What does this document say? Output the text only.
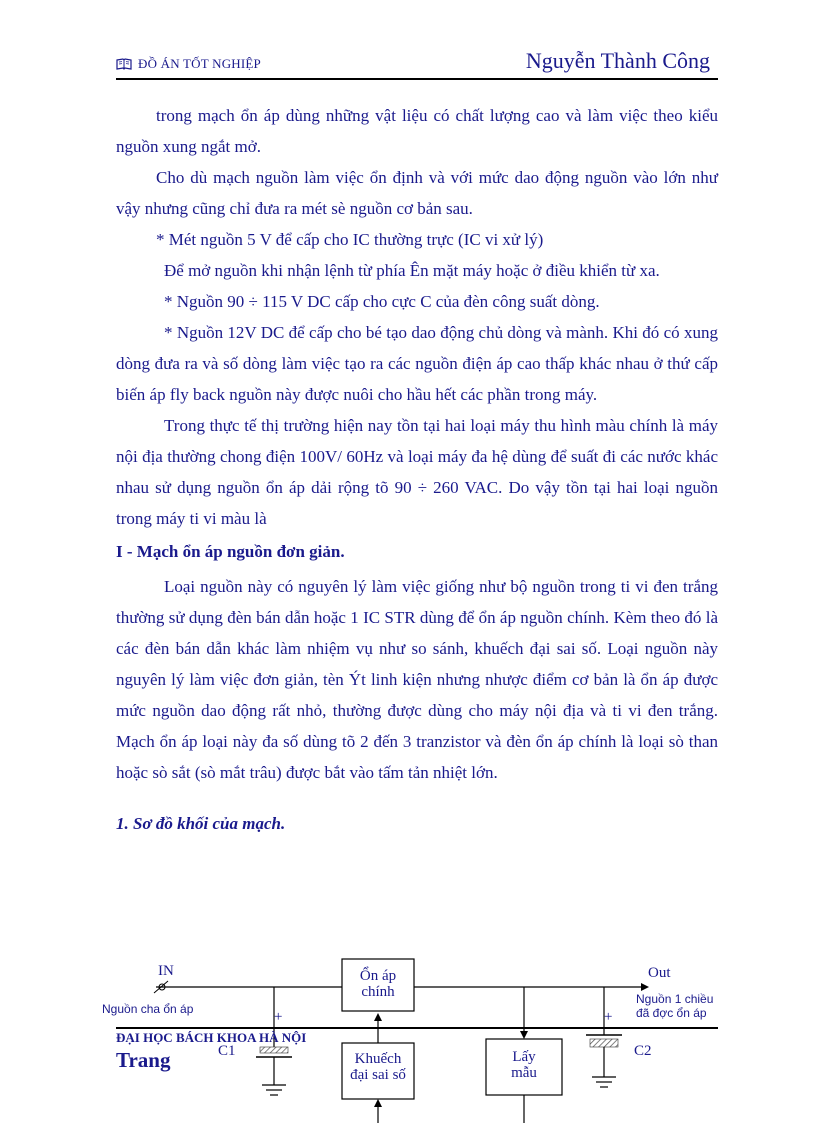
ĐỒ ÁN TỐT NGHIỆP	Nguyễn Thành Công

trong mạch ổn áp dùng những vật liệu có chất lượng cao và làm việc theo kiểu nguồn xung ngắt mở.

Cho dù mạch nguồn làm việc ổn định và với mức dao động nguồn vào lớn như vậy nhưng cũng chỉ đưa ra mét sè nguồn cơ bản sau.

* Mét nguồn 5 V để cấp cho IC thường trực (IC vi xử lý)

Để mở nguồn khi nhận lệnh từ phía Ên mặt máy hoặc ở điều khiển từ xa.

* Nguồn 90 ÷ 115 V DC cấp cho cực C của đèn công suất dòng.

* Nguồn 12V DC để cấp cho bé tạo dao động chủ dòng và mành. Khi đó có xung dòng đưa ra và số dòng làm việc tạo ra các nguồn điện áp cao thấp khác nhau ở thứ cấp biến áp fly back nguồn này được nuôi cho hầu hết các phần trong máy.

Trong thực tế thị trường hiện nay tồn tại hai loại máy thu hình màu chính là máy nội địa thường chong điện 100V/ 60Hz và loại máy đa hệ dùng để suất đi các nước khác nhau sử dụng nguồn ổn áp dải rộng tõ 90 ÷ 260 VAC. Do vậy tồn tại hai loại nguồn trong máy ti vi màu là

I - Mạch ổn áp nguồn đơn giản.

Loại nguồn này có nguyên lý làm việc giống như bộ nguồn trong ti vi đen trắng thường sử dụng đèn bán dẫn hoặc 1 IC STR dùng để ổn áp nguồn chính. Kèm theo đó là các đèn bán dẫn khác làm nhiệm vụ như so sánh, khuếch đại sai số. Loại nguồn này nguyên lý làm việc đơn giản, tèn Ýt linh kiện nhưng nhược điểm cơ bản là ổn áp được mức nguồn dao động rất nhỏ, thường được dùng cho máy nội địa và ti vi đen trắng. Mạch ổn áp loại này đa số dùng tõ 2 đến 3 tranzistor và đèn ổn áp chính là loại sò than hoặc sò sắt (sò mắt trâu) được bắt vào tấm tản nhiệt lớn.

1. Sơ đồ khối của mạch.

IN	Out
Nguồn cha ổn áp
Nguồn 1 chiều
đã đợc ổn áp
Ổn áp
chính
Khuếch
đại sai số
Lấy
mẫu
+
C1
+
C2
ĐẠI HỌC BÁCH KHOA HÀ NỘI
Trang
